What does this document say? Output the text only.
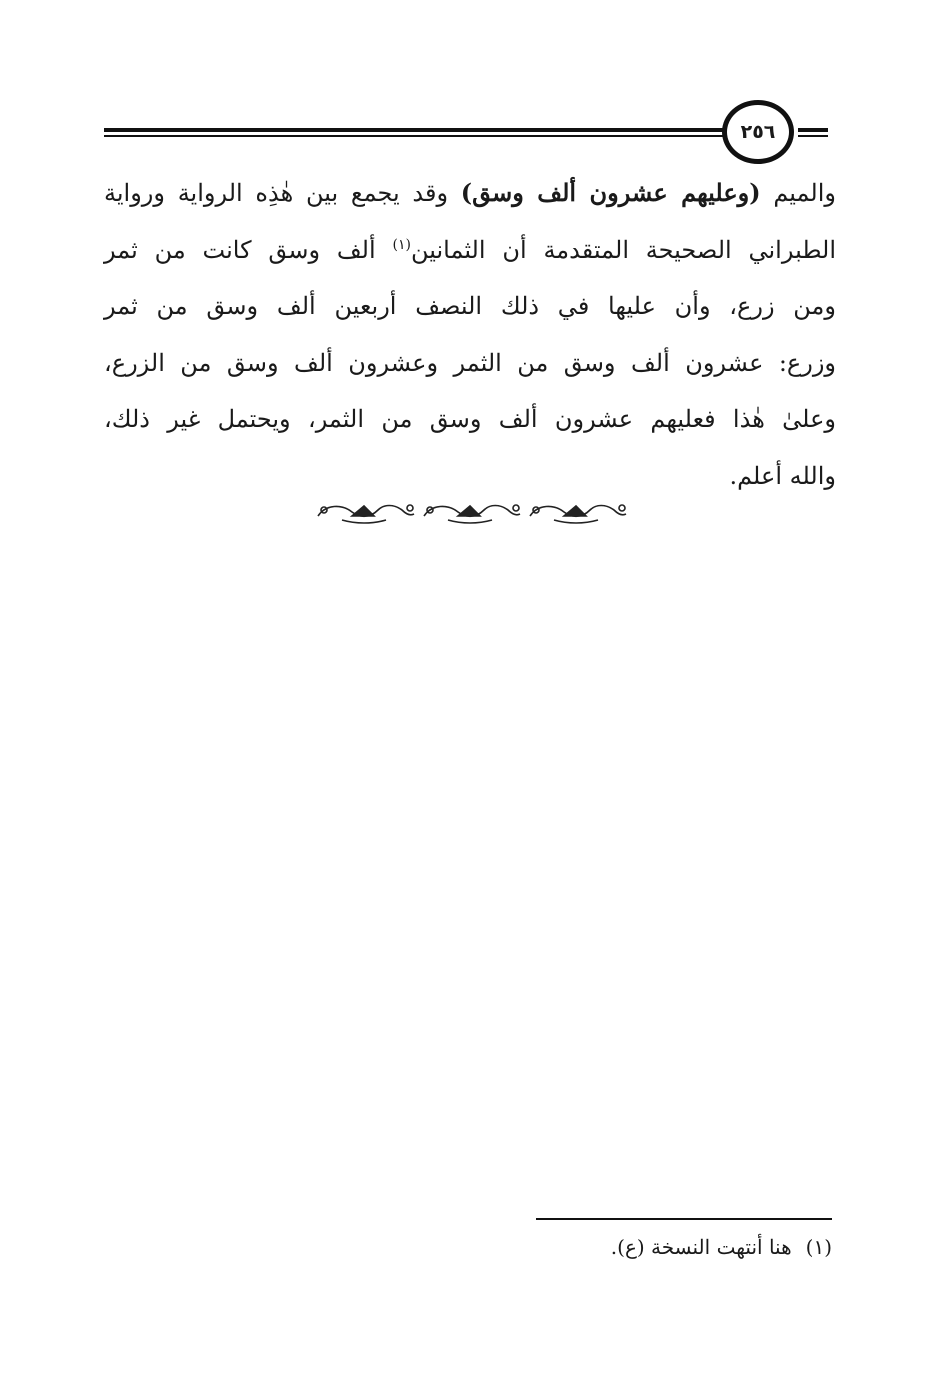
٢٥٦
والميم (وعليهم عشرون ألف وسق) وقد يجمع بين هٰذِه الرواية ورواية
الطبراني الصحيحة المتقدمة أن الثمانين$^{(١)}$ ألف وسق كانت من ثمر
ومن زرع، وأن عليها في ذلك النصف أربعين ألف وسق من ثمر
وزرع: عشرون ألف وسق من الثمر وعشرون ألف وسق من الزرع،
وعلىٰ هٰذا فعليهم عشرون ألف وسق من الثمر، ويحتمل غير ذلك،
والله أعلم.
(١)هنا أنتهت النسخة (ع).
